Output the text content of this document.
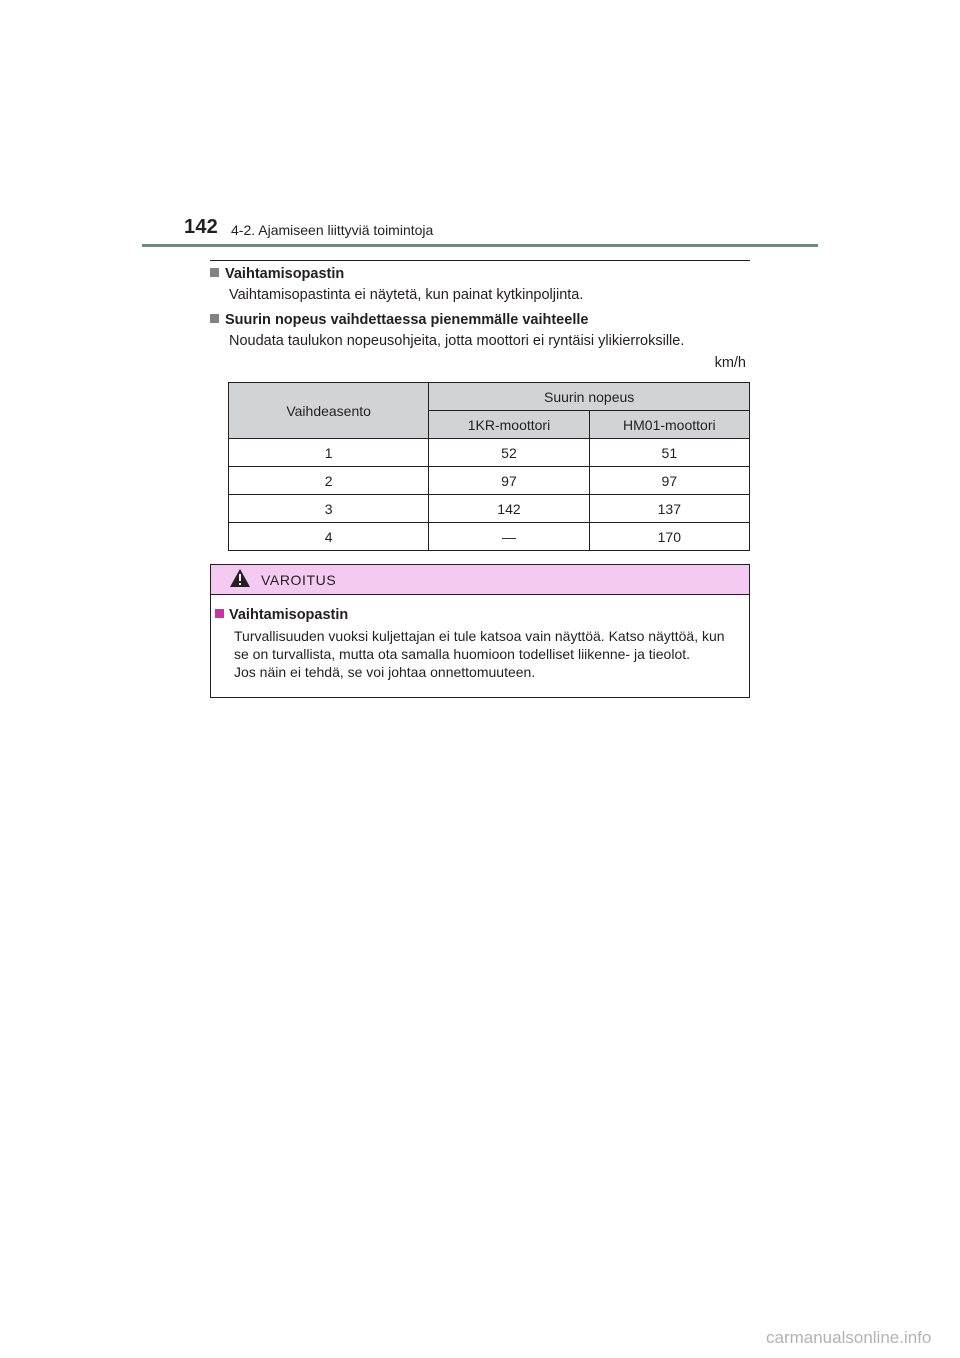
142 4-2. Ajamiseen liittyviä toimintoja
Vaihtamisopastin
Vaihtamisopastinta ei näytetä, kun painat kytkinpoljinta.
Suurin nopeus vaihdettaessa pienemmälle vaihteelle
Noudata taulukon nopeusohjeita, jotta moottori ei ryntäisi ylikierroksille.
km/h
Vaihdeasento	Suurin nopeus	
	1KR-moottori	HM01-moottori
1	52	51
2	97	97
3	142	137
4	—	170
VAROITUS
Vaihtamisopastin
Turvallisuuden vuoksi kuljettajan ei tule katsoa vain näyttöä. Katso näyttöä, kun
se on turvallista, mutta ota samalla huomioon todelliset liikenne- ja tieolot.
Jos näin ei tehdä, se voi johtaa onnettomuuteen.
carmanualsonline.info
